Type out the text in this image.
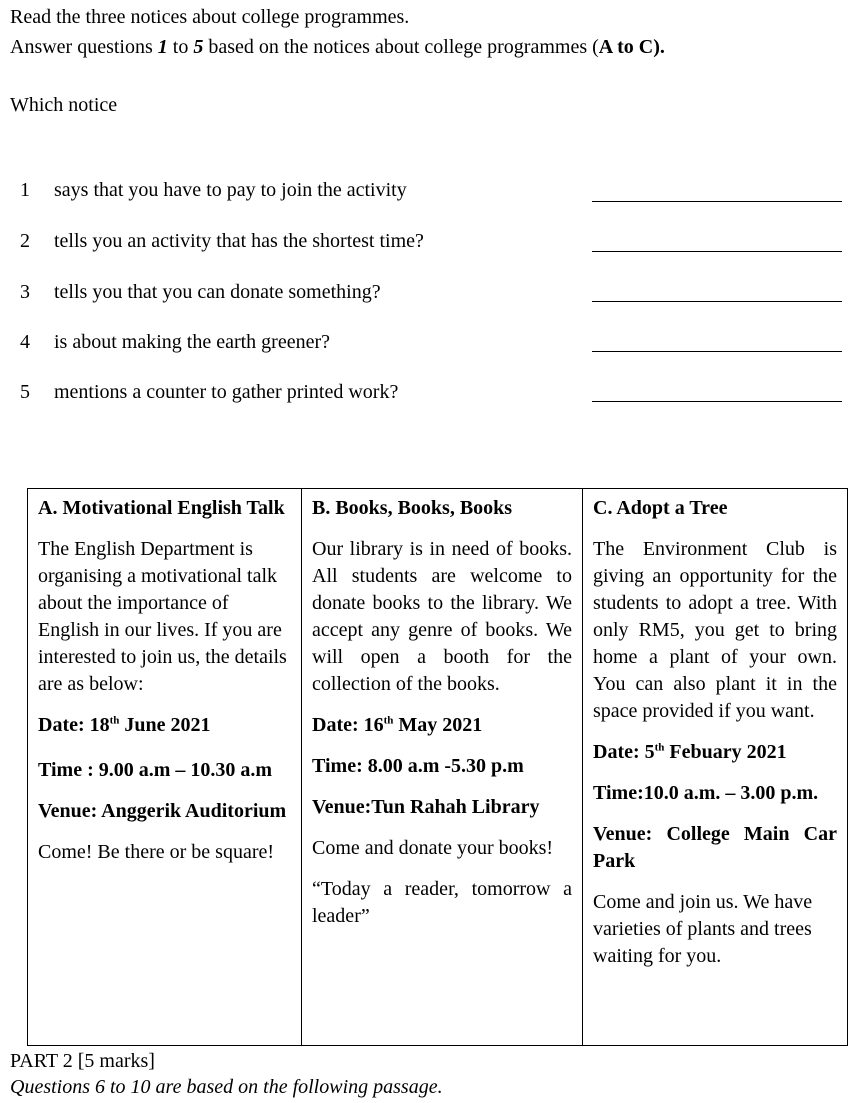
Read the three notices about college programmes.
Answer questions 1 to 5 based on the notices about college programmes (A to C).
Which notice
1 says that you have to pay to join the activity
2 tells you an activity that has the shortest time?
3 tells you that you can donate something?
4 is about making the earth greener?
5 mentions a counter to gather printed work?
A. Motivational English Talk
The English Department is organising a motivational talk about the importance of English in our lives. If you are interested to join us, the details are as below:
Date: 18th June 2021
Time : 9.00 a.m – 10.30 a.m
Venue: Anggerik Auditorium
Come! Be there or be square!

B. Books, Books, Books
Our library is in need of books. All students are welcome to donate books to the library. We accept any genre of books. We will open a booth for the collection of the books.
Date: 16th May 2021
Time: 8.00 a.m -5.30 p.m
Venue:Tun Rahah Library
Come and donate your books!
“Today a reader, tomorrow a leader”

C. Adopt a Tree
The Environment Club is giving an opportunity for the students to adopt a tree. With only RM5, you get to bring home a plant of your own. You can also plant it in the space provided if you want.
Date: 5th Febuary 2021
Time:10.0 a.m. – 3.00 p.m.
Venue: College Main Car Park
Come and join us. We have varieties of plants and trees waiting for you.
PART 2 [5 marks]
Questions 6 to 10 are based on the following passage.
